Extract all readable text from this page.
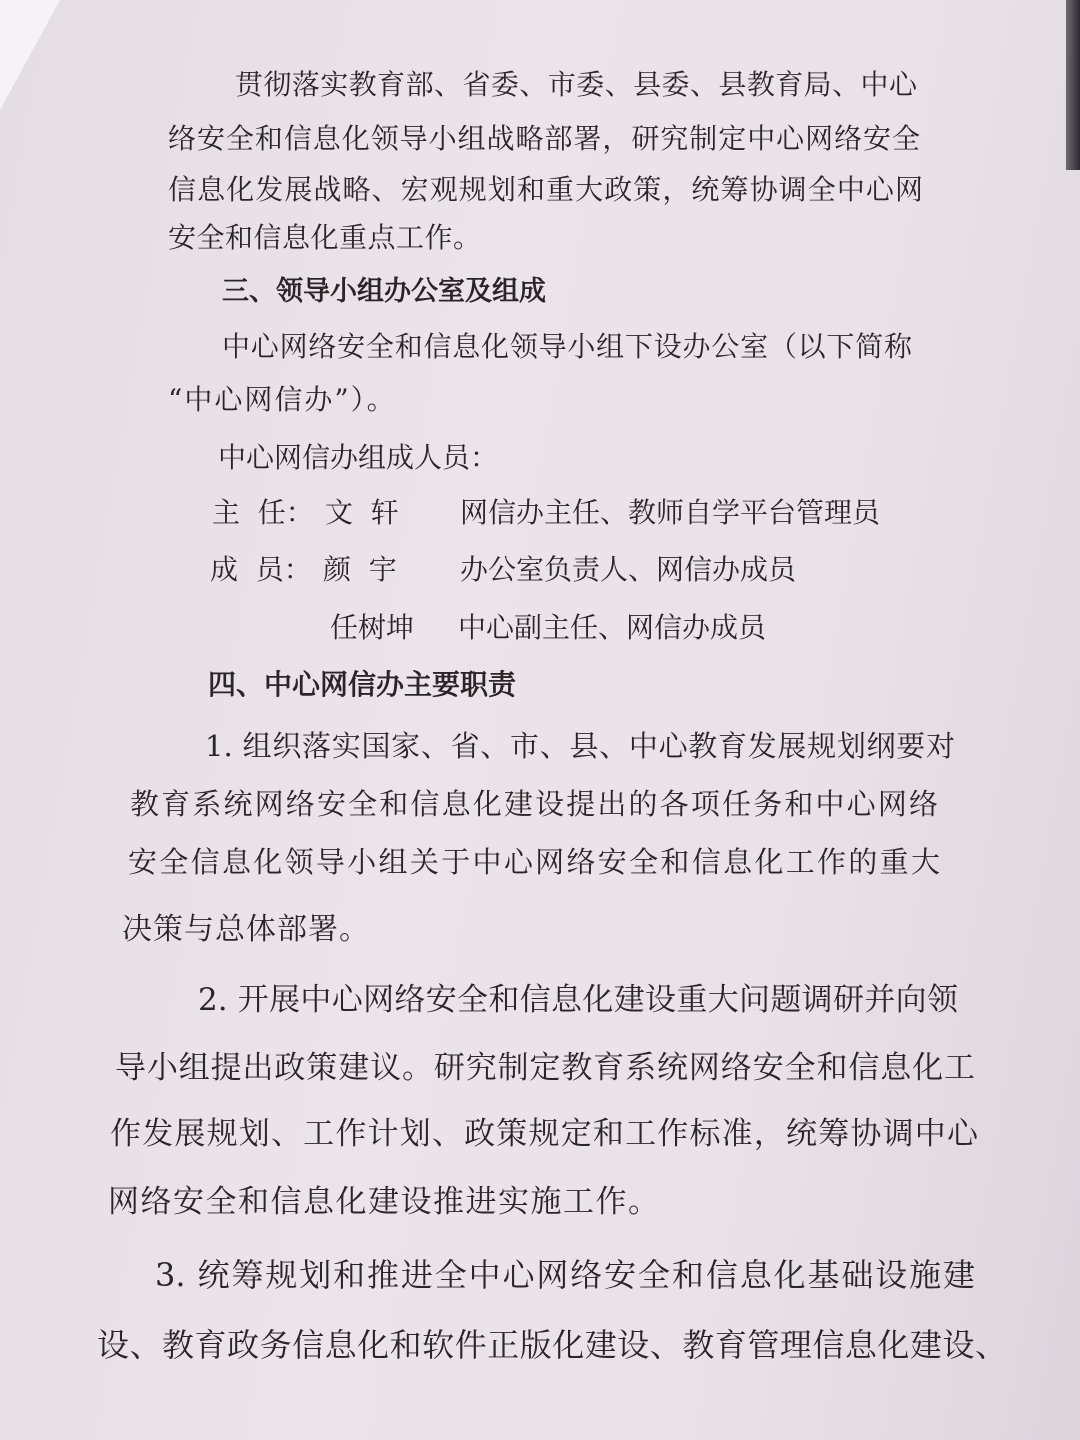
贯彻落实教育部、省委、市委、县委、县教育局、中心
络安全和信息化领导小组战略部署，研究制定中心网络安全
信息化发展战略、宏观规划和重大政策，统筹协调全中心网
安全和信息化重点工作。
三、领导小组办公室及组成
中心网络安全和信息化领导小组下设办公室（以下简称
“中心网信办”）。
中心网信办组成人员：
主  任： 文  轩 网信办主任、教师自学平台管理员
成  员： 颜  宇 办公室负责人、网信办成员
任树坤 中心副主任、网信办成员
四、中心网信办主要职责
1. 组织落实国家、省、市、县、中心教育发展规划纲要对
教育系统网络安全和信息化建设提出的各项任务和中心网络
安全信息化领导小组关于中心网络安全和信息化工作的重大
决策与总体部署。
2. 开展中心网络安全和信息化建设重大问题调研并向领
导小组提出政策建议。研究制定教育系统网络安全和信息化工
作发展规划、工作计划、政策规定和工作标准，统筹协调中心
网络安全和信息化建设推进实施工作。
3. 统筹规划和推进全中心网络安全和信息化基础设施建
设、教育政务信息化和软件正版化建设、教育管理信息化建设、
